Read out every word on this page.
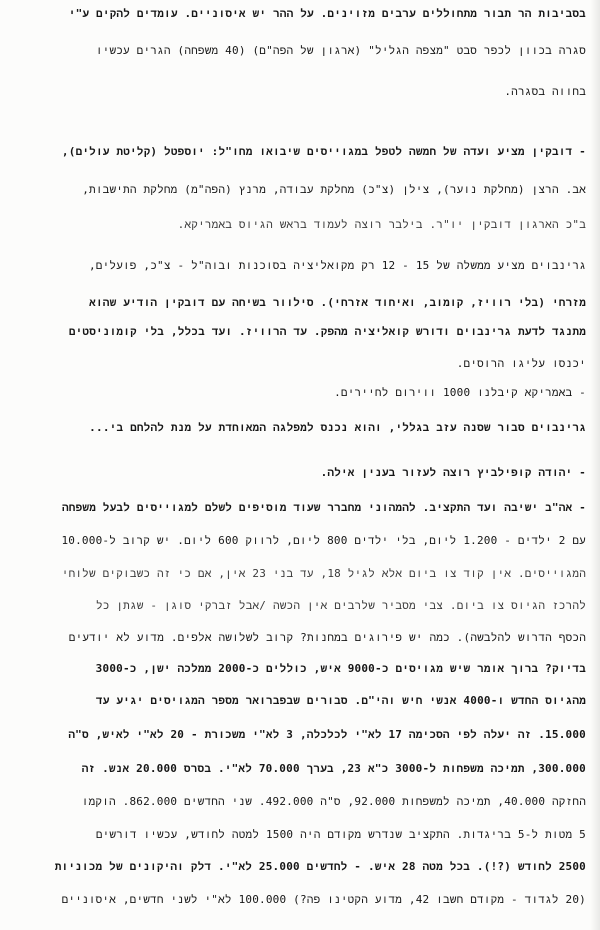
בסביבות הר תבור מתחוללים ערבים מזוינים. על ההר יש איסוניים. עומדים להקים ע"י
סגרה בכוון לכפר סבט "מצפה הגליל" (ארגון של הפה"ם) (40 משפחה) הגרים עכשיו
בחווה בסגרה.
- דובקין מציע ועדה של חמשה לטפל במגוייסים שיבואו מחו"ל: יוספטל (קליטת עולים),
אב. הרצן (מחלקת נוער), צילן (צ"כ) מחלקת עבודה, מרנץ (הפה"מ) מחלקת התישבות,
ב"כ הארגון דובקין יו"ר. בילבר רוצה לעמוד בראש הגיוס באמריקא.
גרינבוים מציע ממשלה של 15 - 12 רק מקואליציה בסוכנות ובוה"ל - צ"כ, פועלים,
מזרחי (בלי רוויז, קומוב, ואיחוד אזרחי). סילוור בשיחה עם דובקין הודיע שהוא
מתנגד לדעת גרינבוים ודורש קואליציה מהפק. עד הרוויז. ועד בכלל, בלי קומוניסטים
יכנסו עליגו הרוסים.
- באמריקא קיבלנו 1000 ווירום לחיירים.
גרינבוים סבור שסנה עזב בגללי, והוא נכנס למפלגה המאוחדת על מנת להלחם בי...
- יהודה קופילביץ רוצה לעזור בענין אילה.
- אה"ב ישיבה ועד התקציב. להמהוני מחברר שעוד מוסיפים לשלם למגוייסים לבעל משפחה
עם 2 ילדים - 1.200 ליום, בלי ילדים 800 ליום, לרווק 600 ליום. יש קרוב ל-10.000
המגוייסים. אין קוד צו ביום אלא לגיל 18, עד בני 23 אין, אם כי זה כשבוקים שלוחי
להרכז הגיוס צו ביום. צבי מסביר שלרבים אין הכשה /אבל זברקי סוגן - שגתן כל
הכסף הדרוש להלבשה). כמה יש פירוגים במחנות? קרוב לשלושה אלפים. מדוע לא יודעים
בדיוק? ברוך אומר שיש מגויסים כ-9000 איש, כוללים כ-2000 ממלכה ישן, כ-3000
מהגיוס החדש ו-4000 אנשי חיש והי"ם. סבורים שבפברואר מספר המגויסים יגיע עד
15.000. זה יעלה לפי הסכימה 17 לא"י לכלכלה, 3 לא"י משכורת - 20 לא"י לאיש, ס"ה
300.000, תמיכה משפחות ל-3000 כ"א 23, בערך 70.000 לא"י. בסרס 20.000 אנש. זה
החזקה 40.000, תמיכה למשפחות 92.000, ס"ה 492.000. שני החדשים 862.000. הוקמו
5 מטות ל-5 בריגדות. התקציב שנדרש מקודם היה 1500 למטה לחודש, עכשיו דורשים
2500 לחודש (?!). בכל מטה 28 איש. - לחדשים 25.000 לא"י. דלק והיקונים של מכוניות
(20 לגדוד - מקודם חשבו 42, מדוע הקטינו פה?) 100.000 לא"י לשני חדשים, איסוניים
